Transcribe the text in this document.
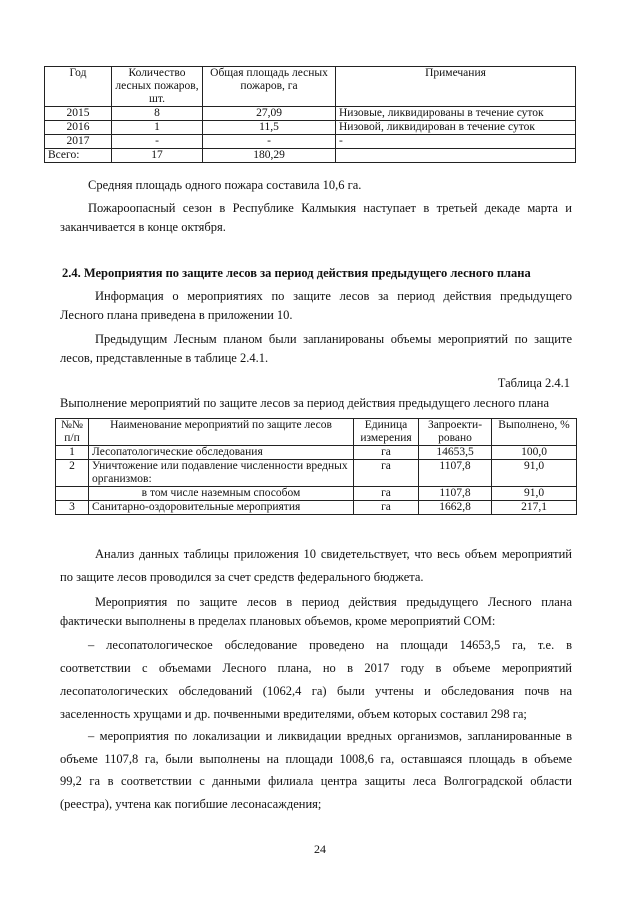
Год	Количество лесных пожаров, шт.	Общая площадь лесных пожаров, га	Примечания
2015	8	27,09	Низовые, ликвидированы в течение суток
2016	1	11,5	Низовой, ликвидирован в течение суток
2017	-	-	-
Всего:	17	180,29	
Средняя площадь одного пожара составила 10,6 га.
Пожароопасный сезон в Республике Калмыкия наступает в третьей декаде марта и
заканчивается в конце октября.
2.4. Мероприятия по защите лесов за период действия предыдущего лесного плана
Информация о мероприятиях по защите лесов за период действия предыдущего
Лесного плана приведена в приложении 10.
Предыдущим Лесным планом были запланированы объемы мероприятий по защите
лесов, представленные в таблице 2.4.1.
Таблица 2.4.1
Выполнение мероприятий по защите лесов за период действия предыдущего лесного плана
№№ п/п	Наименование мероприятий по защите лесов	Единица измерения	Запроекти-ровано	Выполнено, %
1	Лесопатологические обследования	га	14653,5	100,0
2	Уничтожение или подавление численности вредных организмов:	га	1107,8	91,0
	в том числе наземным способом	га	1107,8	91,0
3	Санитарно-оздоровительные мероприятия	га	1662,8	217,1
Анализ данных таблицы приложения 10 свидетельствует, что весь объем мероприятий
по защите лесов проводился за счет средств федерального бюджета.
Мероприятия по защите лесов в период действия предыдущего Лесного плана
фактически выполнены в пределах плановых объемов, кроме мероприятий СОМ:
– лесопатологическое обследование проведено на площади 14653,5 га, т.е. в
соответствии с объемами Лесного плана, но в 2017 году в объеме мероприятий
лесопатологических обследований (1062,4 га) были учтены и обследования почв на
заселенность хрущами и др. почвенными вредителями, объем которых составил 298 га;
– мероприятия по локализации и ликвидации вредных организмов, запланированные в
объеме 1107,8 га, были выполнены на площади 1008,6 га, оставшаяся площадь в объеме
99,2 га в соответствии с данными филиала центра защиты леса Волгоградской области
(реестра), учтена как погибшие лесонасаждения;
24
